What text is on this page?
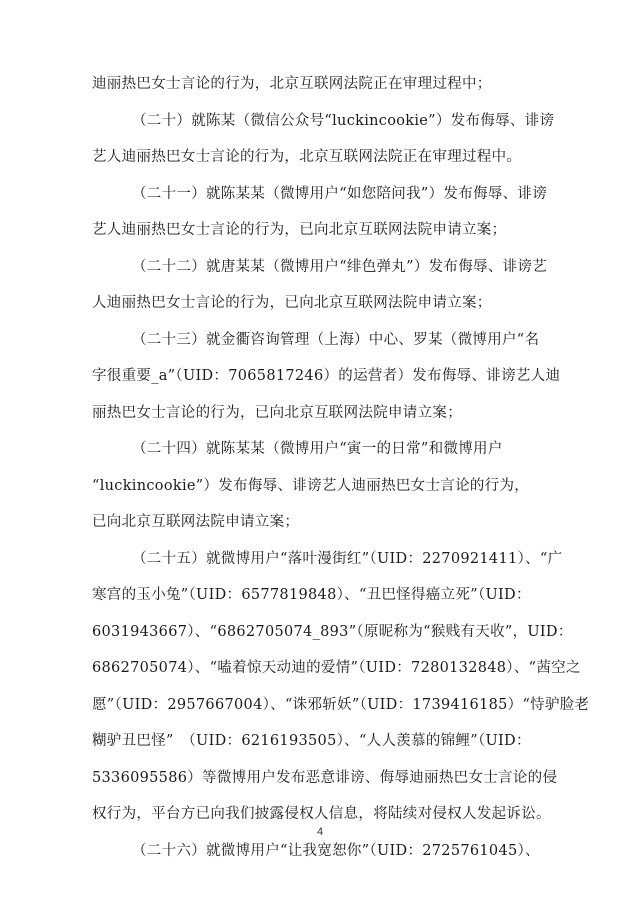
迪丽热巴女士言论的行为，北京互联网法院正在审理过程中；
（二十）就陈某（微信公众号“luckincookie”）发布侮辱、诽谤
艺人迪丽热巴女士言论的行为，北京互联网法院正在审理过程中。
（二十一）就陈某某（微博用户“如您陪问我”）发布侮辱、诽谤
艺人迪丽热巴女士言论的行为，已向北京互联网法院申请立案；
（二十二）就唐某某（微博用户“绯色弹丸”）发布侮辱、诽谤艺
人迪丽热巴女士言论的行为，已向北京互联网法院申请立案；
（二十三）就金衢咨询管理（上海）中心、罗某（微博用户“名
字很重要_a”（UID：7065817246）的运营者）发布侮辱、诽谤艺人迪
丽热巴女士言论的行为，已向北京互联网法院申请立案；
（二十四）就陈某某（微博用户“寅一的日常”和微博用户
“luckincookie”）发布侮辱、诽谤艺人迪丽热巴女士言论的行为，
已向北京互联网法院申请立案；
（二十五）就微博用户“落叶漫街红”（UID：2270921411）、“广
寒宫的玉小兔”（UID：6577819848）、“丑巴怪得癌立死”（UID：
6031943667）、“6862705074_893”（原昵称为“猴贱有天收”，UID：
6862705074）、“嗑着惊天动迪的爱情”（UID：7280132848）、“茜空之
愿”（UID：2957667004）、“诛邪斩妖”（UID：1739416185）“恃驴脸老
糊驴丑巴怪”　（UID：6216193505）、“人人羡慕的锦鲤”（UID：
5336095586）等微博用户发布恶意诽谤、侮辱迪丽热巴女士言论的侵
权行为，平台方已向我们披露侵权人信息，将陆续对侵权人发起诉讼。
（二十六）就微博用户“让我宽恕你”（UID：2725761045）、
4
